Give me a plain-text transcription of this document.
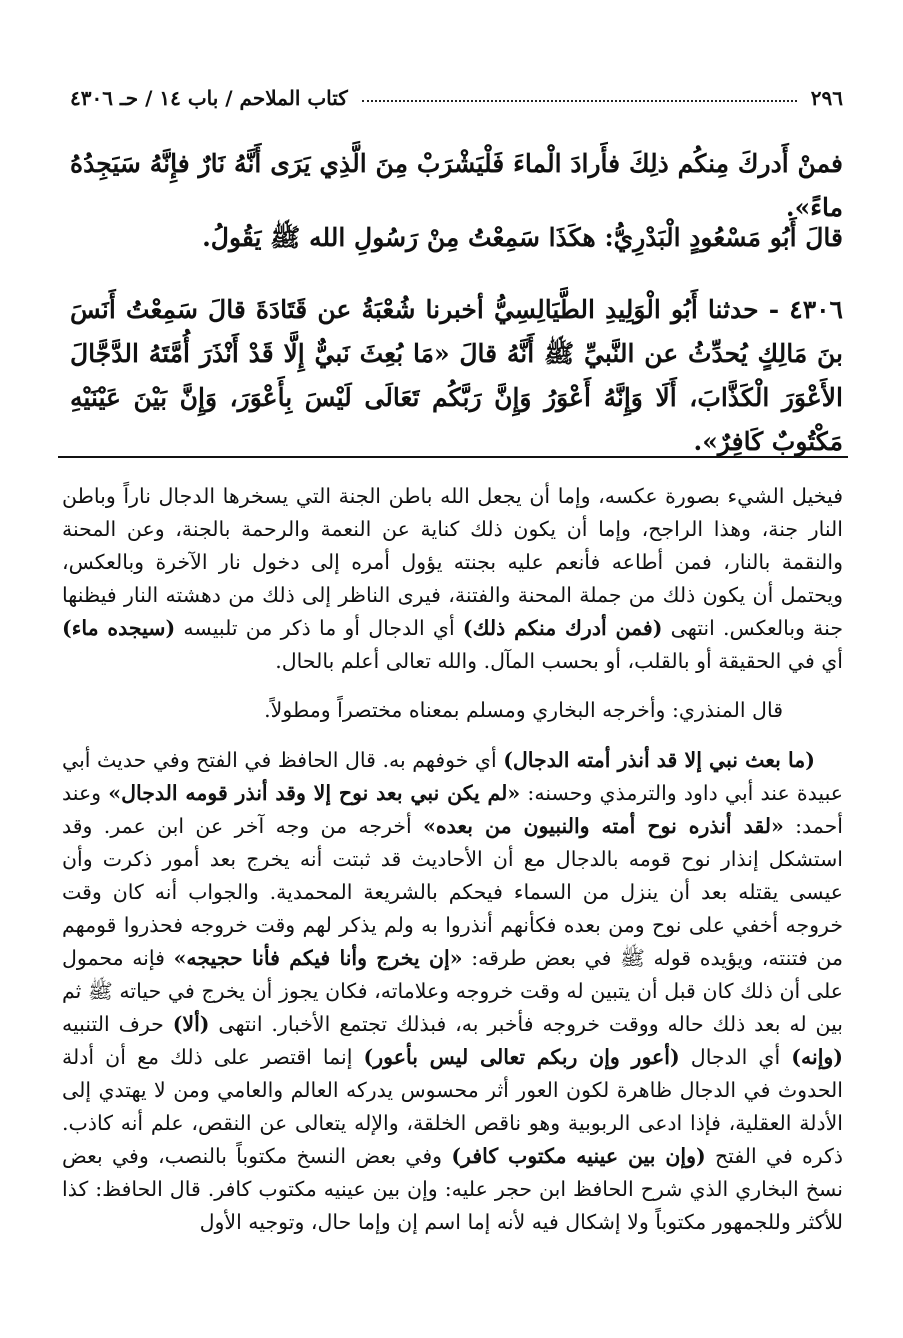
٢٩٦
كتاب الملاحم / باب ١٤ / حـ ٤٣٠٦
فمنْ أَدركَ مِنكُم ذلِكَ فأَرادَ الْماءَ فَلْيَشْرَبْ مِنَ الَّذِي يَرَى أَنَّهُ نَارٌ فإِنَّهُ سَيَجِدُهُ ماءً».
قالَ أَبُو مَسْعُودٍ الْبَدْرِيُّ: هكَذَا سَمِعْتُ مِنْ رَسُولِ الله ﷺ يَقُولُ.
٤٣٠٦ - حدثنا أَبُو الْوَلِيدِ الطَّيَالِسِيُّ أخبرنا شُعْبَةُ عن قَتَادَةَ قالَ سَمِعْتُ أَنَسَ بنَ مَالِكٍ يُحدِّثُ عن النَّبيِّ ﷺ أَنَّهُ قالَ «مَا بُعِثَ نَبيٌّ إِلَّا قَدْ أَنْذَرَ أُمَّتَهُ الدَّجَّالَ الأَعْوَرَ الْكَذَّابَ، أَلَا وَإِنَّهُ أَعْوَرُ وَإِنَّ رَبَّكُم تَعَالَى لَيْسَ بِأَعْوَرَ، وَإِنَّ بَيْنَ عَيْنَيْهِ مَكْتُوبٌ كَافِرٌ».
فيخيل الشيء بصورة عكسه، وإما أن يجعل الله باطن الجنة التي يسخرها الدجال ناراً وباطن النار جنة، وهذا الراجح، وإما أن يكون ذلك كناية عن النعمة والرحمة بالجنة، وعن المحنة والنقمة بالنار، فمن أطاعه فأنعم عليه بجنته يؤول أمره إلى دخول نار الآخرة وبالعكس، ويحتمل أن يكون ذلك من جملة المحنة والفتنة، فيرى الناظر إلى ذلك من دهشته النار فيظنها جنة وبالعكس. انتهى (فمن أدرك منكم ذلك) أي الدجال أو ما ذكر من تلبيسه (سيجده ماء) أي في الحقيقة أو بالقلب، أو بحسب المآل. والله تعالى أعلم بالحال.
قال المنذري: وأخرجه البخاري ومسلم بمعناه مختصراً ومطولاً.

(ما بعث نبي إلا قد أنذر أمته الدجال) أي خوفهم به. قال الحافظ في الفتح وفي حديث أبي عبيدة عند أبي داود والترمذي وحسنه: «لم يكن نبي بعد نوح إلا وقد أنذر قومه الدجال» وعند أحمد: «لقد أنذره نوح أمته والنبيون من بعده» أخرجه من وجه آخر عن ابن عمر. وقد استشكل إنذار نوح قومه بالدجال مع أن الأحاديث قد ثبتت أنه يخرج بعد أمور ذكرت وأن عيسى يقتله بعد أن ينزل من السماء فيحكم بالشريعة المحمدية. والجواب أنه كان وقت خروجه أخفي على نوح ومن بعده فكأنهم أنذروا به ولم يذكر لهم وقت خروجه فحذروا قومهم من فتنته، ويؤيده قوله ﷺ في بعض طرقه: «إن يخرج وأنا فيكم فأنا حجيجه» فإنه محمول على أن ذلك كان قبل أن يتبين له وقت خروجه وعلاماته، فكان يجوز أن يخرج في حياته ﷺ ثم بين له بعد ذلك حاله ووقت خروجه فأخبر به، فبذلك تجتمع الأخبار. انتهى (ألا) حرف التنبيه (وإنه) أي الدجال (أعور وإن ربكم تعالى ليس بأعور) إنما اقتصر على ذلك مع أن أدلة الحدوث في الدجال ظاهرة لكون العور أثر محسوس يدركه العالم والعامي ومن لا يهتدي إلى الأدلة العقلية، فإذا ادعى الربوبية وهو ناقص الخلقة، والإله يتعالى عن النقص، علم أنه كاذب. ذكره في الفتح (وإن بين عينيه مكتوب كافر) وفي بعض النسخ مكتوباً بالنصب، وفي بعض نسخ البخاري الذي شرح الحافظ ابن حجر عليه: وإن بين عينيه مكتوب كافر. قال الحافظ: كذا للأكثر وللجمهور مكتوباً ولا إشكال فيه لأنه إما اسم إن وإما حال، وتوجيه الأول
